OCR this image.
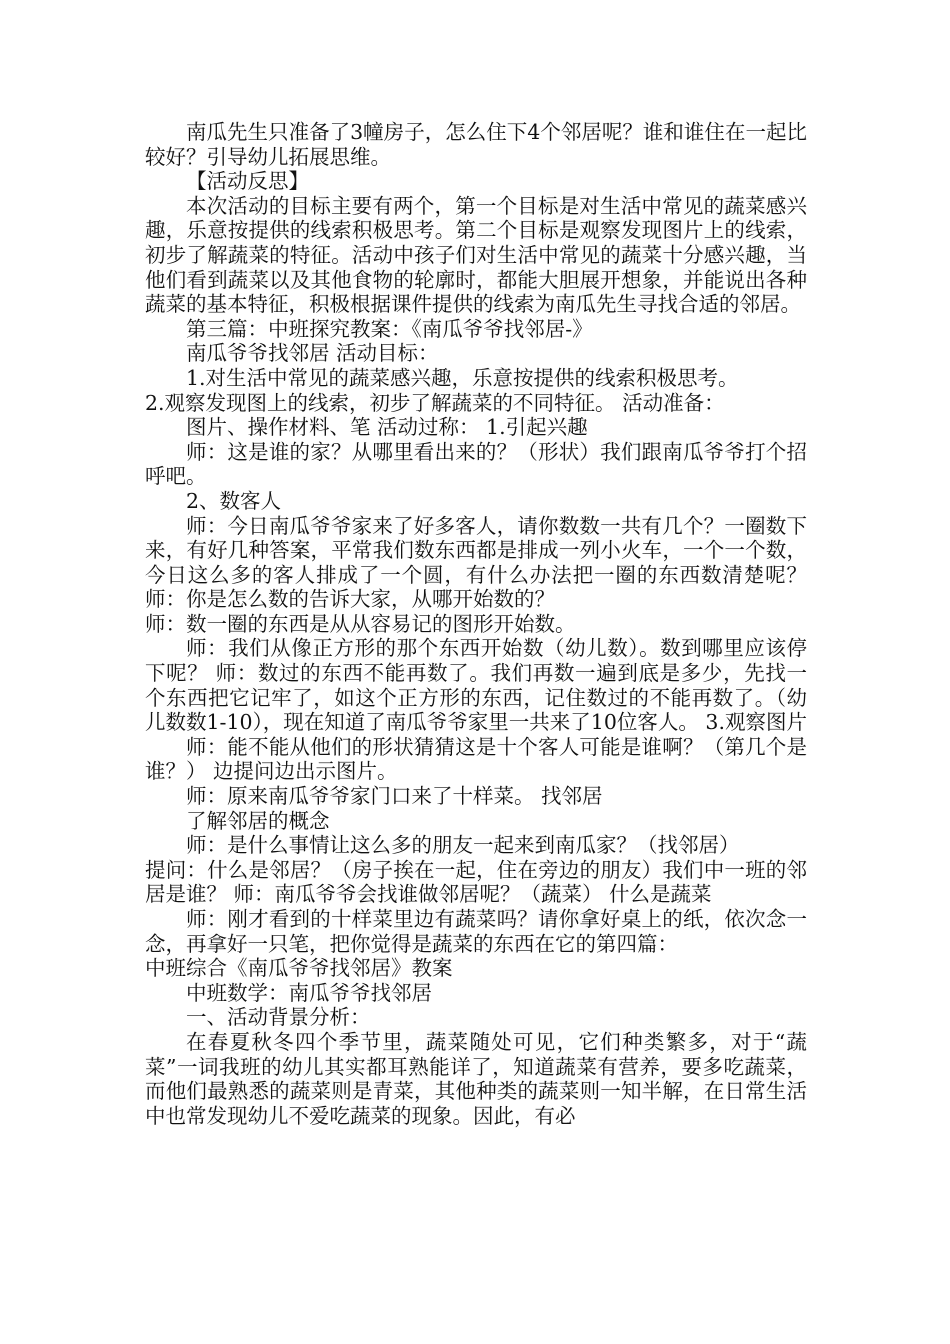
南瓜先生只准备了3幢房子，怎么住下4个邻居呢？谁和谁住在一起比较好？引导幼儿拓展思维。

【活动反思】

本次活动的目标主要有两个，第一个目标是对生活中常见的蔬菜感兴趣，乐意按提供的线索积极思考。第二个目标是观察发现图片上的线索，初步了解蔬菜的特征。活动中孩子们对生活中常见的蔬菜十分感兴趣，当他们看到蔬菜以及其他食物的轮廓时，都能大胆展开想象，并能说出各种蔬菜的基本特征，积极根据课件提供的线索为南瓜先生寻找合适的邻居。

第三篇：中班探究教案：《南瓜爷爷找邻居-》

南瓜爷爷找邻居 活动目标：

1.对生活中常见的蔬菜感兴趣，乐意按提供的线索积极思考。

2.观察发现图上的线索，初步了解蔬菜的不同特征。 活动准备：

图片、操作材料、笔 活动过称： 1.引起兴趣

师：这是谁的家？从哪里看出来的？（形状）我们跟南瓜爷爷打个招呼吧。

2、数客人

师：今日南瓜爷爷家来了好多客人，请你数数一共有几个？一圈数下来，有好几种答案，平常我们数东西都是排成一列小火车，一个一个数，今日这么多的客人排成了一个圆，有什么办法把一圈的东西数清楚呢？ 师：你是怎么数的告诉大家，从哪开始数的？

师：数一圈的东西是从从容易记的图形开始数。

师：我们从像正方形的那个东西开始数（幼儿数）。数到哪里应该停下呢？ 师：数过的东西不能再数了。我们再数一遍到底是多少，先找一个东西把它记牢了，如这个正方形的东西，记住数过的不能再数了。（幼儿数数1-10），现在知道了南瓜爷爷家里一共来了10位客人。 3.观察图片

师：能不能从他们的形状猜猜这是十个客人可能是谁啊？（第几个是谁？） 边提问边出示图片。

师：原来南瓜爷爷家门口来了十样菜。 找邻居

了解邻居的概念

师：是什么事情让这么多的朋友一起来到南瓜家？（找邻居）

提问：什么是邻居？（房子挨在一起，住在旁边的朋友）我们中一班的邻居是谁？ 师：南瓜爷爷会找谁做邻居呢？（蔬菜） 什么是蔬菜

师：刚才看到的十样菜里边有蔬菜吗？请你拿好桌上的纸，依次念一念，再拿好一只笔，把你觉得是蔬菜的东西在它的第四篇：

中班综合《南瓜爷爷找邻居》教案

中班数学：南瓜爷爷找邻居

一、活动背景分析：

在春夏秋冬四个季节里，蔬菜随处可见，它们种类繁多，对于“蔬菜”一词我班的幼儿其实都耳熟能详了，知道蔬菜有营养，要多吃蔬菜，而他们最熟悉的蔬菜则是青菜，其他种类的蔬菜则一知半解，在日常生活中也常发现幼儿不爱吃蔬菜的现象。因此，有必
